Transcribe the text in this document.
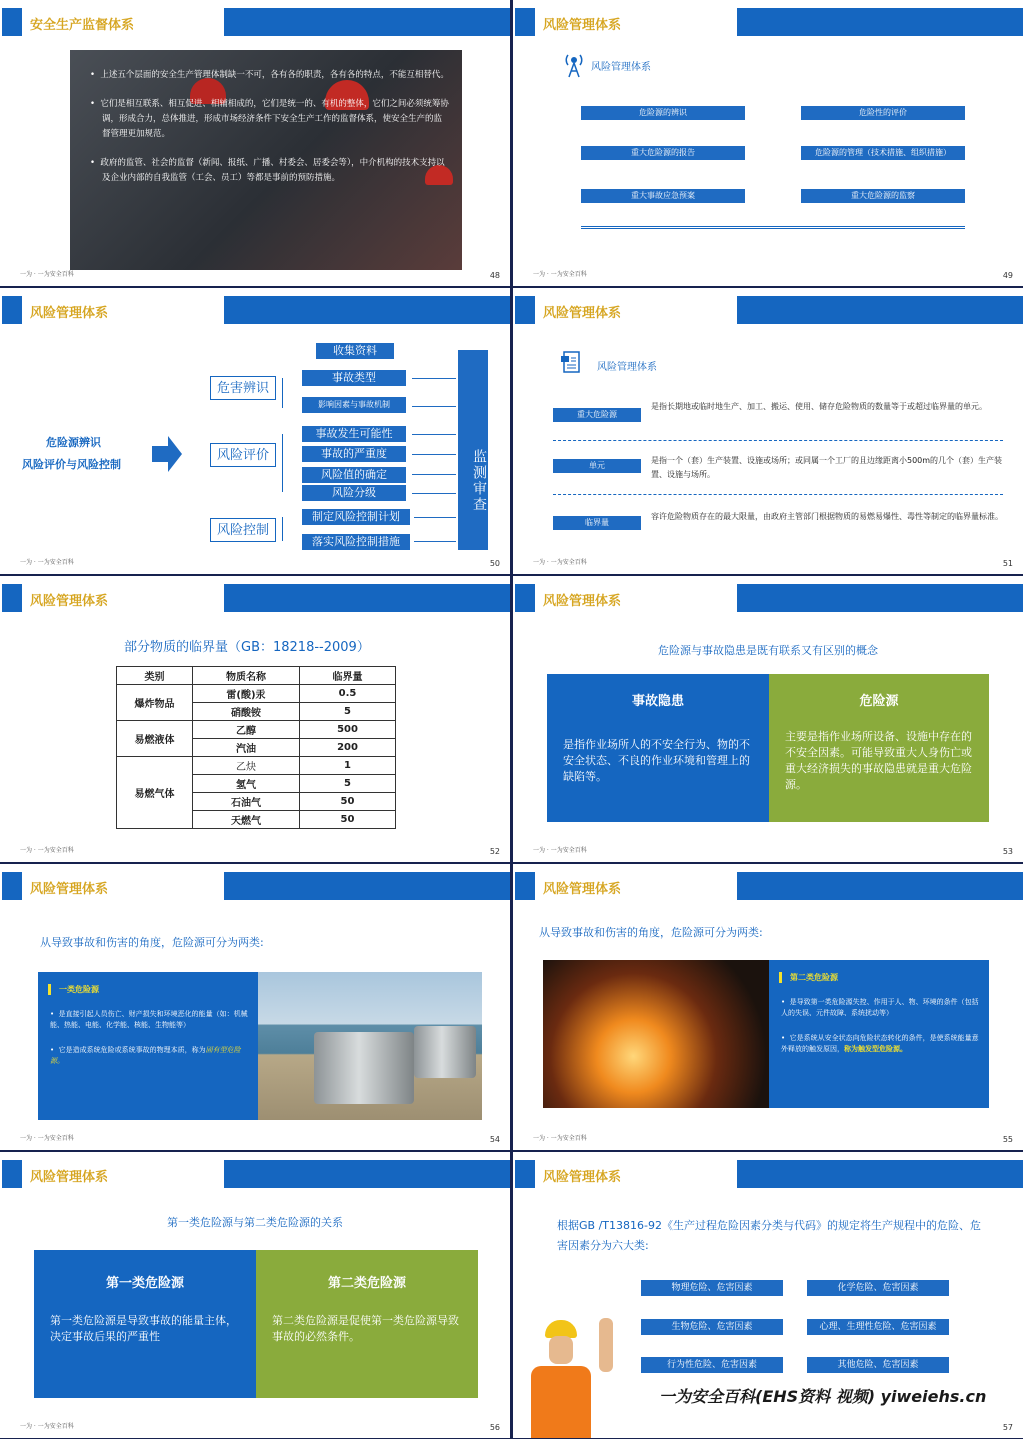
安全生产监督体系
•  上述五个层面的安全生产管理体制缺一不可，各有各的职责，各有各的特点，不能互相替代。
•  它们是相互联系、相互促进、相辅相成的，它们是统一的、有机的整体，它们之间必须统筹协调，形成合力，总体推进，形成市场经济条件下安全生产工作的监督体系，使安全生产的监督管理更加规范。
•  政府的监管、社会的监督（新闻、报纸、广播、村委会、居委会等），中介机构的技术支持以及企业内部的自我监管（工会、员工）等都是事前的预防措施。
一为 · 一为安全百科	48
风险管理体系
风险管理体系
危险源的辨识	危险性的评价
重大危险源的报告	危险源的管理（技术措施、组织措施）
重大事故应急预案	重大危险源的监察
一为 · 一为安全百科	49
风险管理体系
危险源辨识
风险评价与风险控制
危害辨识
风险评价
风险控制
收集资料
事故类型
影响因素与事故机制
事故发生可能性
事故的严重度
风险值的确定
风险分级
制定风险控制计划
落实风险控制措施
监测审查
一为 · 一为安全百科	50
风险管理体系
风险管理体系
重大危险源
是指长期地或临时地生产、加工、搬运、使用、储存危险物质的数量等于或超过临界量的单元。
单元
是指一个（套）生产装置、设施或场所；或同属一个工厂的且边缘距离小500m的几个（套）生产装置、设施与场所。
临界量
容许危险物质存在的最大限量，由政府主管部门根据物质的易燃易爆性、毒性等制定的临界量标准。
一为 · 一为安全百科	51
风险管理体系
部分物质的临界量（GB：18218--2009）
类别	物质名称	临界量
爆炸物品	雷(酸)汞	0.5
	硝酸铵	5
易燃液体	乙醇	500
	汽油	200
易燃气体	乙炔	1
	氢气	5
	石油气	50
	天燃气	50
一为 · 一为安全百科	52
风险管理体系
危险源与事故隐患是既有联系又有区别的概念
事故隐患
是指作业场所人的不安全行为、物的不安全状态、不良的作业环境和管理上的缺陷等。
危险源
主要是指作业场所设备、设施中存在的不安全因素。可能导致重大人身伤亡或重大经济损失的事故隐患就是重大危险源。
一为 · 一为安全百科	53
风险管理体系
从导致事故和伤害的角度，危险源可分为两类:
一类危险源
•  是直接引起人员伤亡、财产损失和环境恶化的能量（如：机械能、热能、电能、化学能、核能、生物能等）
•  它是造成系统危险或系统事故的物理本质，称为固有型危险源。
一为 · 一为安全百科	54
风险管理体系
从导致事故和伤害的角度，危险源可分为两类:
第二类危险源
•  是导致第一类危险源失控、作用于人、物、环境的条件（包括人的失误、元件故障、系统扰动等）
•  它是系统从安全状态向危险状态转化的条件，是使系统能量意外释放的触发原因，称为触发型危险源。
一为 · 一为安全百科	55
风险管理体系
第一类危险源与第二类危险源的关系
第一类危险源
第一类危险源是导致事故的能量主体，决定事故后果的严重性
第二类危险源
第二类危险源是促使第一类危险源导致事故的必然条件。
一为 · 一为安全百科	56
风险管理体系
根据GB /T13816-92《生产过程危险因素分类与代码》的规定将生产规程中的危险、危害因素分为六大类:
物理危险、危害因素	化学危险、危害因素
生物危险、危害因素	心理、生理性危险、危害因素
行为性危险、危害因素	其他危险、危害因素
一为安全百科(EHS资料 视频) yiweiehs.cn
57
